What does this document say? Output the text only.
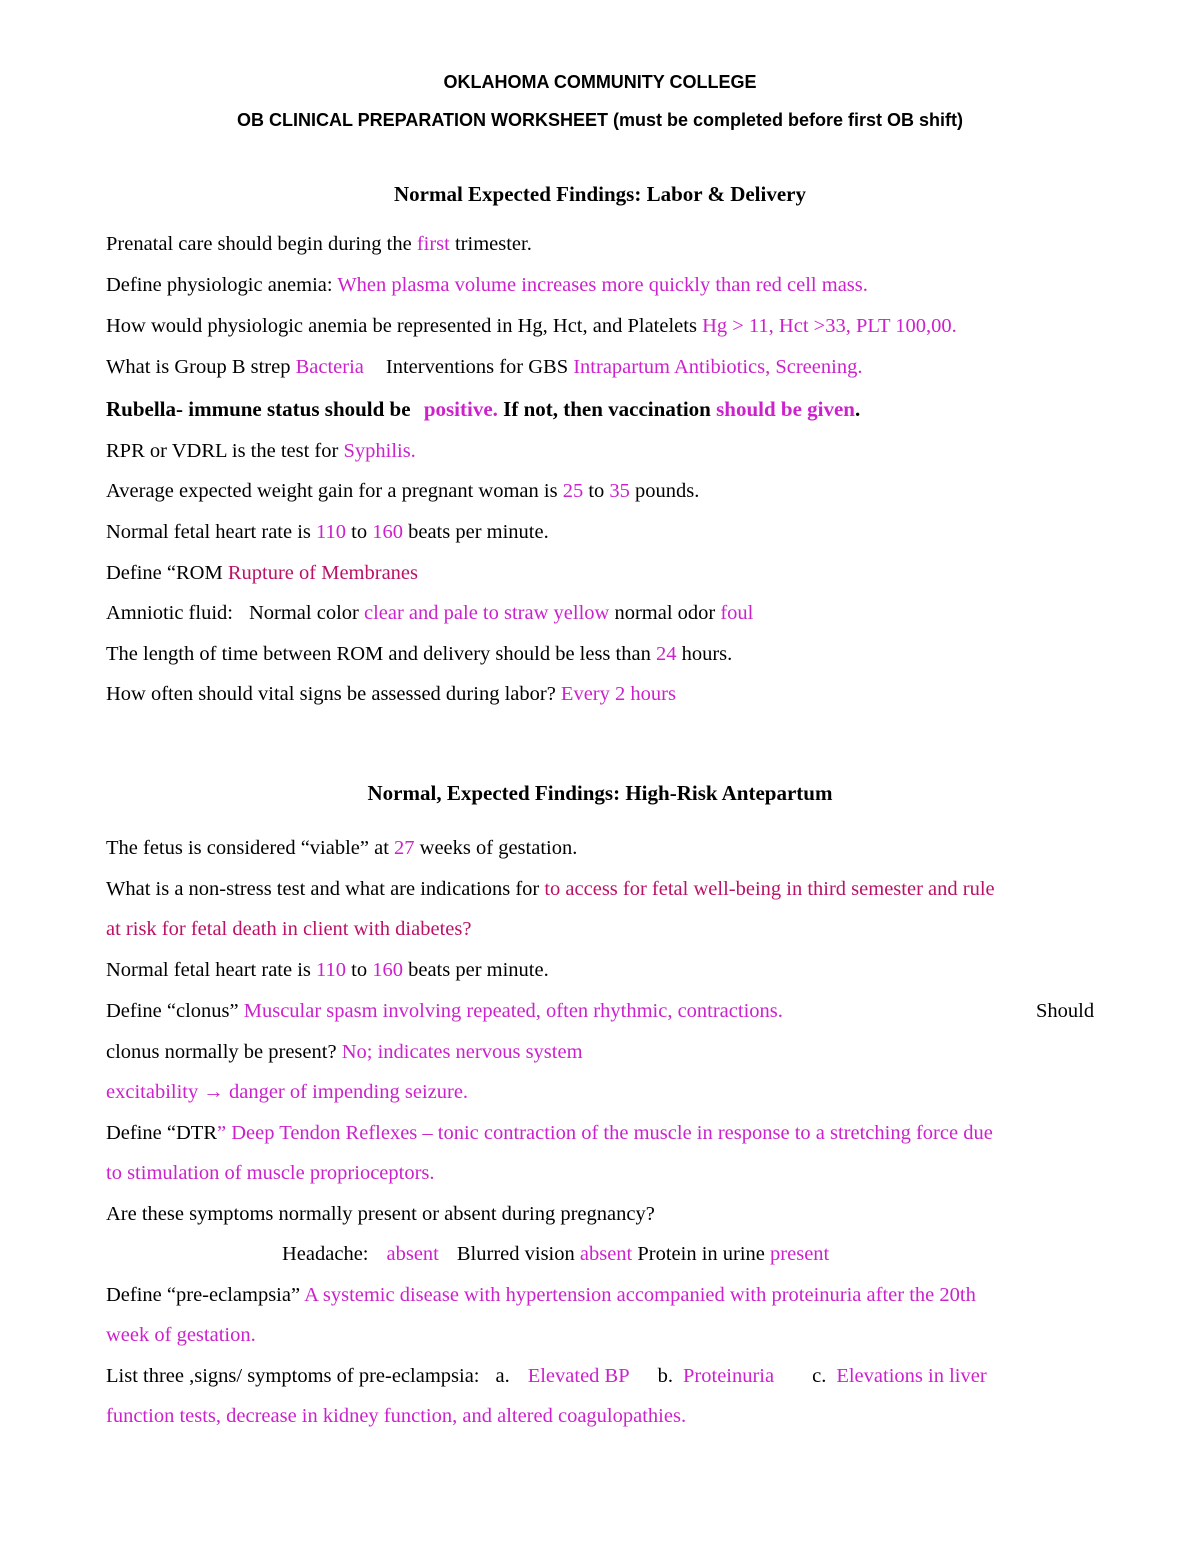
OKLAHOMA COMMUNITY COLLEGE
OB CLINICAL PREPARATION WORKSHEET (must be completed before first OB shift)
Normal Expected Findings: Labor & Delivery
Prenatal care should begin during the first trimester.
Define physiologic anemia: When plasma volume increases more quickly than red cell mass.
How would physiologic anemia be represented in Hg, Hct, and Platelets Hg > 11, Hct >33, PLT 100,00.
What is Group B strep Bacteria Interventions for GBS Intrapartum Antibiotics, Screening.
Rubella- immune status should be positive. If not, then vaccination should be given.
RPR or VDRL is the test for Syphilis.
Average expected weight gain for a pregnant woman is 25 to 35 pounds.
Normal fetal heart rate is 110 to 160 beats per minute.
Define “ROM Rupture of Membranes
Amniotic fluid: Normal color clear and pale to straw yellow normal odor foul
The length of time between ROM and delivery should be less than 24 hours.
How often should vital signs be assessed during labor? Every 2 hours
Normal, Expected Findings: High-Risk Antepartum
The fetus is considered “viable” at 27 weeks of gestation.
What is a non-stress test and what are indications for to access for fetal well-being in third semester and rule
at risk for fetal death in client with diabetes?
Normal fetal heart rate is 110 to 160 beats per minute.
Define “clonus” Muscular spasm involving repeated, often rhythmic, contractions.	Should
clonus normally be present? No; indicates nervous system
excitability → danger of impending seizure.
Define “DTR” Deep Tendon Reflexes – tonic contraction of the muscle in response to a stretching force due
to stimulation of muscle proprioceptors.
Are these symptoms normally present or absent during pregnancy?
Headache: absent Blurred vision absent Protein in urine present
Define “pre-eclampsia” A systemic disease with hypertension accompanied with proteinuria after the 20th
week of gestation.
List three ,signs/ symptoms of pre-eclampsia: a. Elevated BP b. Proteinuria c. Elevations in liver
function tests, decrease in kidney function, and altered coagulopathies.
